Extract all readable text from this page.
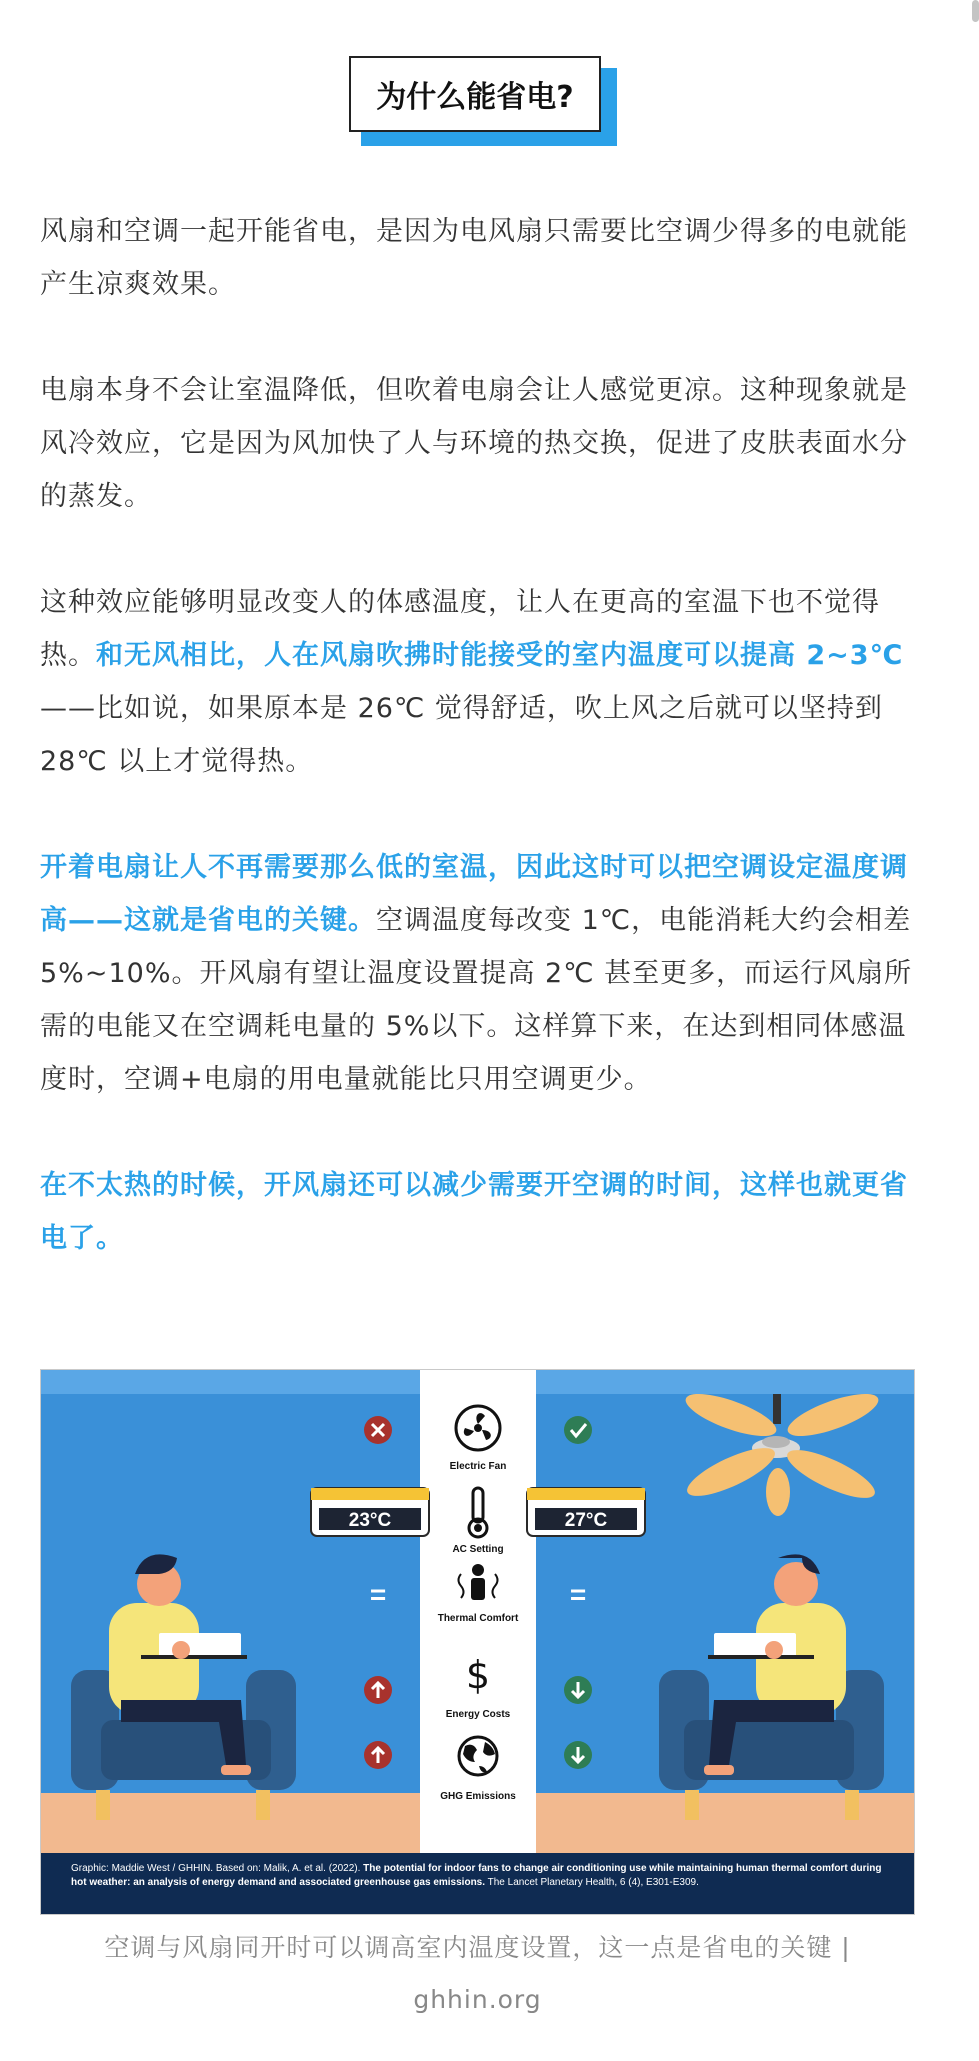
为什么能省电?

风扇和空调一起开能省电，是因为电风扇只需要比空调少得多的电就能产生凉爽效果。

电扇本身不会让室温降低，但吹着电扇会让人感觉更凉。这种现象就是风冷效应，它是因为风加快了人与环境的热交换，促进了皮肤表面水分的蒸发。

这种效应能够明显改变人的体感温度，让人在更高的室温下也不觉得热。和无风相比，人在风扇吹拂时能接受的室内温度可以提高 2~3℃——比如说，如果原本是 26℃ 觉得舒适，吹上风之后就可以坚持到 28℃ 以上才觉得热。

开着电扇让人不再需要那么低的室温，因此这时可以把空调设定温度调高——这就是省电的关键。空调温度每改变 1℃，电能消耗大约会相差 5%~10%。开风扇有望让温度设置提高 2℃ 甚至更多，而运行风扇所需的电能又在空调耗电量的 5%以下。这样算下来，在达到相同体感温度时，空调+电扇的用电量就能比只用空调更少。

在不太热的时候，开风扇还可以减少需要开空调的时间，这样也就更省电了。

23°C	27°C
=	=
Electric Fan
AC Setting
Thermal Comfort
$
Energy Costs
GHG Emissions
Graphic: Maddie West / GHHIN. Based on: Malik, A. et al. (2022). The potential for indoor fans to change air conditioning use while maintaining human thermal comfort during hot weather: an analysis of energy demand and associated greenhouse gas emissions. The Lancet Planetary Health, 6 (4), E301-E309.
空调与风扇同开时可以调高室内温度设置，这一点是省电的关键 |
ghhin.org
